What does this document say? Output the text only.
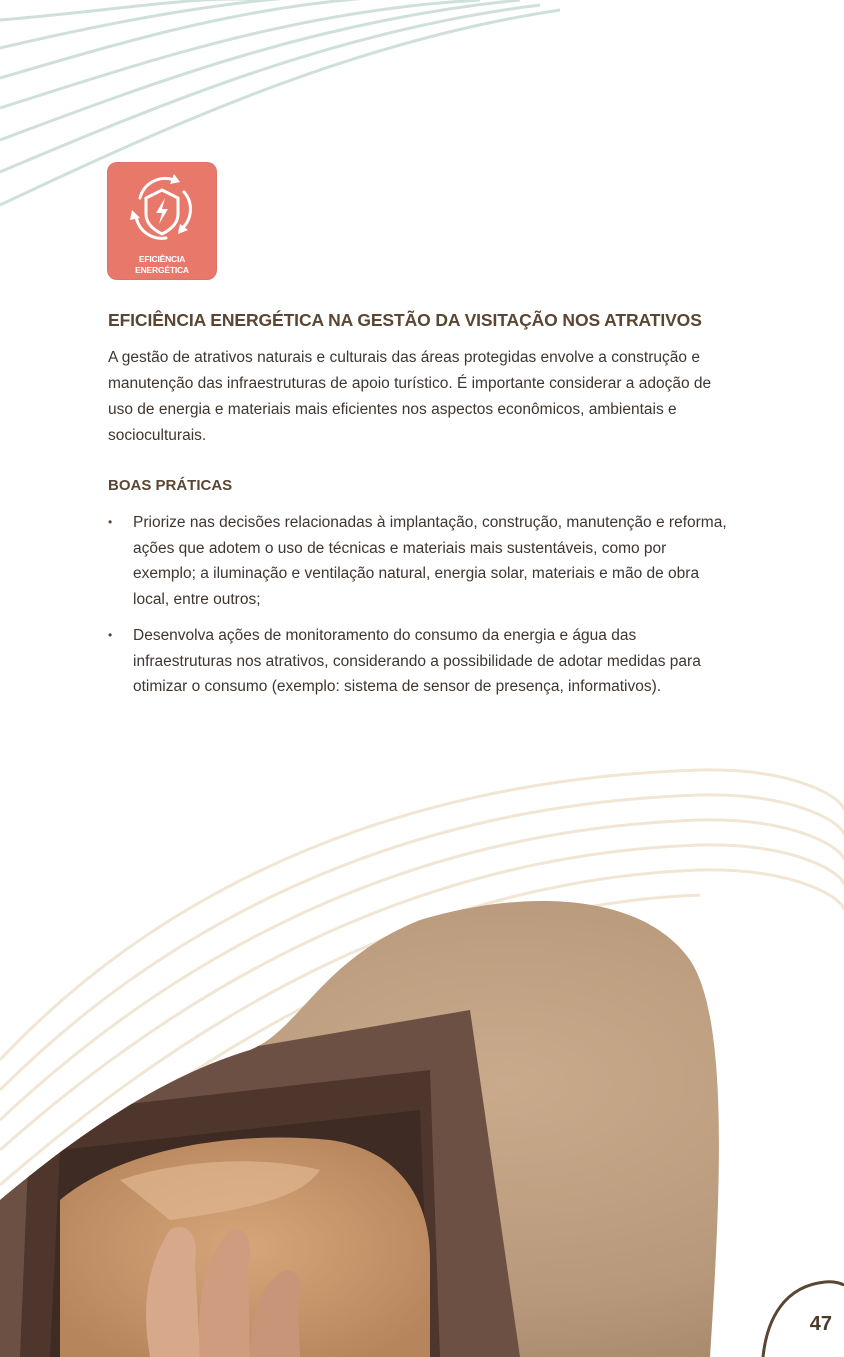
EFICIÊNCIA
ENERGÉTICA
EFICIÊNCIA ENERGÉTICA NA GESTÃO DA VISITAÇÃO NOS ATRATIVOS

A gestão de atrativos naturais e culturais das áreas protegidas envolve a construção e manutenção das infraestruturas de apoio turístico. É importante considerar a adoção de uso de energia e materiais mais eficientes nos aspectos econômicos, ambientais e socioculturais.

BOAS PRÁTICAS
• Priorize nas decisões relacionadas à implantação, construção, manutenção e reforma, ações que adotem o uso de técnicas e materiais mais sustentáveis, como por exemplo; a iluminação e ventilação natural, energia solar, materiais e mão de obra local, entre outros;
• Desenvolva ações de monitoramento do consumo da energia e água das infraestruturas nos atrativos, considerando a possibilidade de adotar medidas para otimizar o consumo (exemplo: sistema de sensor de presença, informativos).
47
